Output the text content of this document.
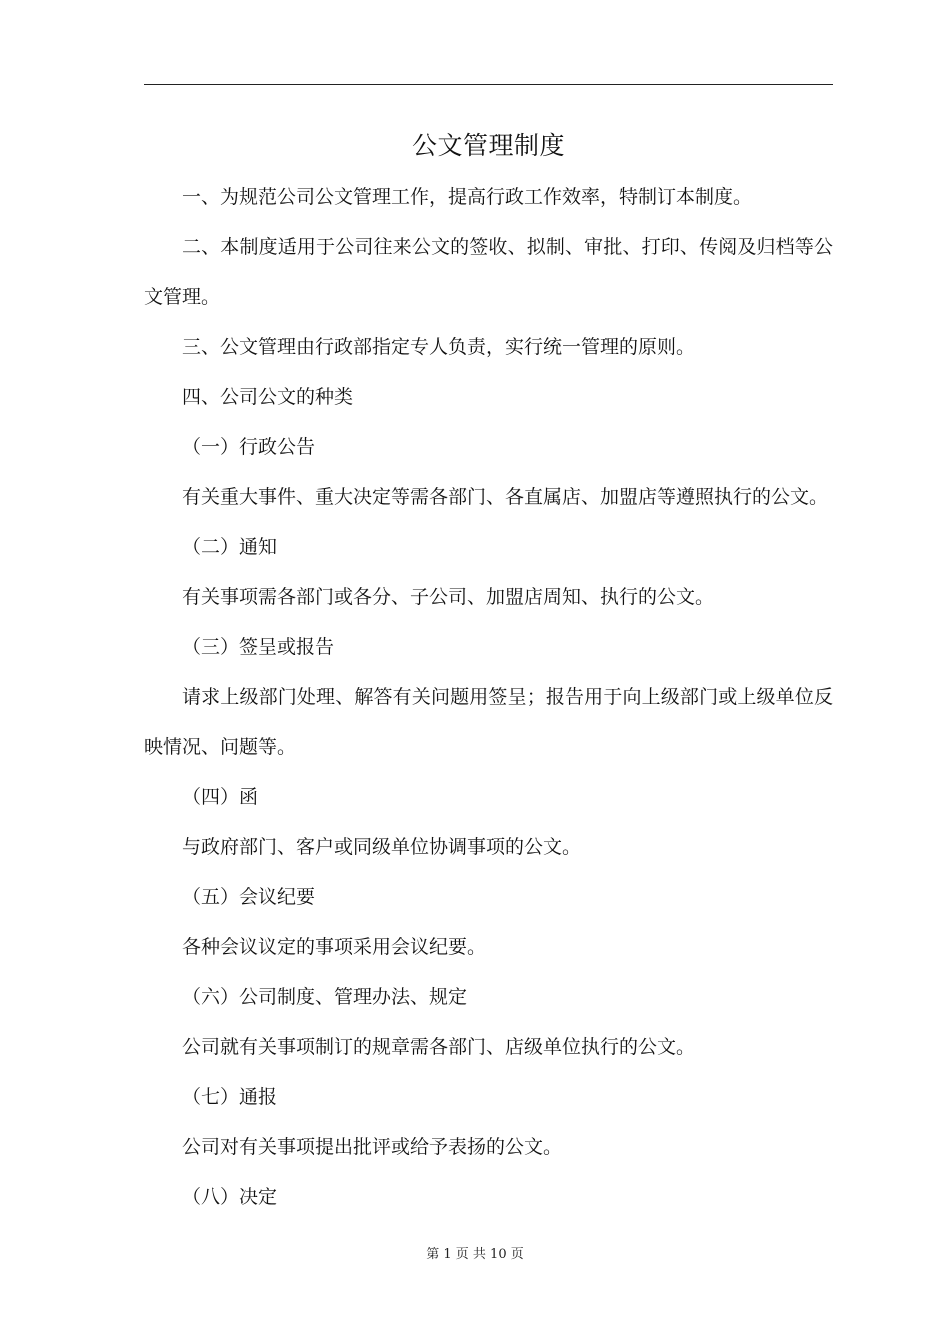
公文管理制度

一、为规范公司公文管理工作，提高行政工作效率，特制订本制度。

二、本制度适用于公司往来公文的签收、拟制、审批、打印、传阅及归档等公文管理。

三、公文管理由行政部指定专人负责，实行统一管理的原则。

四、公司公文的种类

（一）行政公告

有关重大事件、重大决定等需各部门、各直属店、加盟店等遵照执行的公文。

（二）通知

有关事项需各部门或各分、子公司、加盟店周知、执行的公文。

（三）签呈或报告

请求上级部门处理、解答有关问题用签呈；报告用于向上级部门或上级单位反映情况、问题等。

（四）函

与政府部门、客户或同级单位协调事项的公文。

（五）会议纪要

各种会议议定的事项采用会议纪要。

（六）公司制度、管理办法、规定

公司就有关事项制订的规章需各部门、店级单位执行的公文。

（七）通报

公司对有关事项提出批评或给予表扬的公文。

（八）决定

第 1 页 共 10 页
